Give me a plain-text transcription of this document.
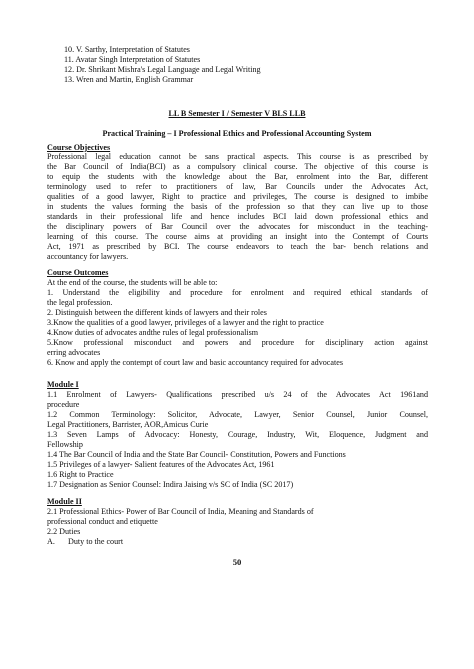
10. V. Sarthy, Interpretation of Statutes
11. Avatar Singh Interpretation of Statutes
12. Dr. Shrikant Mishra's Legal Language and Legal Writing
13. Wren and Martin, English Grammar
LL B Semester I / Semester V BLS LLB
Practical Training – I Professional Ethics and Professional Accounting System
Course Objectives
Professional legal education cannot be sans practical aspects. This course is as prescribed by
the Bar Council of India(BCI) as a compulsory clinical course. The objective of this course is
to equip the students with the knowledge about the Bar, enrolment into the Bar, different
terminology used to refer to practitioners of law, Bar Councils under the Advocates Act,
qualities of a good lawyer, Right to practice and privileges, The course is designed to imbibe
in students the values forming the basis of the profession so that they can live up to those
standards in their professional life and hence includes BCI laid down professional ethics and
the disciplinary powers of Bar Council over the advocates for misconduct in the teaching-
learning of this course. The course aims at providing an insight into the Contempt of Courts
Act, 1971 as prescribed by BCI. The course endeavors to teach the bar- bench relations and
accountancy for lawyers.
Course Outcomes
At the end of the course, the students will be able to:
1. Understand the eligibility and procedure for enrolment and required ethical standards of
the legal profession.
2. Distinguish between the different kinds of lawyers and their roles
3.Know the qualities of a good lawyer, privileges of a lawyer and the right to practice
4.Know duties of advocates andthe rules of legal professionalism
5.Know professional misconduct and powers and procedure for disciplinary action against
erring advocates
6. Know and apply the contempt of court law and basic accountancy required for advocates
Module I
1.1 Enrolment of Lawyers- Qualifications prescribed u/s 24 of the Advocates Act 1961and
procedure
1.2 Common Terminology: Solicitor, Advocate, Lawyer, Senior Counsel, Junior Counsel,
Legal Practitioners, Barrister, AOR,Amicus Curie
1.3 Seven Lamps of Advocacy: Honesty, Courage, Industry, Wit, Eloquence, Judgment and
Fellowship
1.4 The Bar Council of India and the State Bar Council- Constitution, Powers and Functions
1.5 Privileges of a lawyer- Salient features of the Advocates Act, 1961
1.6 Right to Practice
1.7 Designation as Senior Counsel: Indira Jaising v/s SC of India (SC 2017)
Module II
2.1 Professional Ethics- Power of Bar Council of India, Meaning and Standards of
professional conduct and etiquette
2.2 Duties
A. Duty to the court
50
